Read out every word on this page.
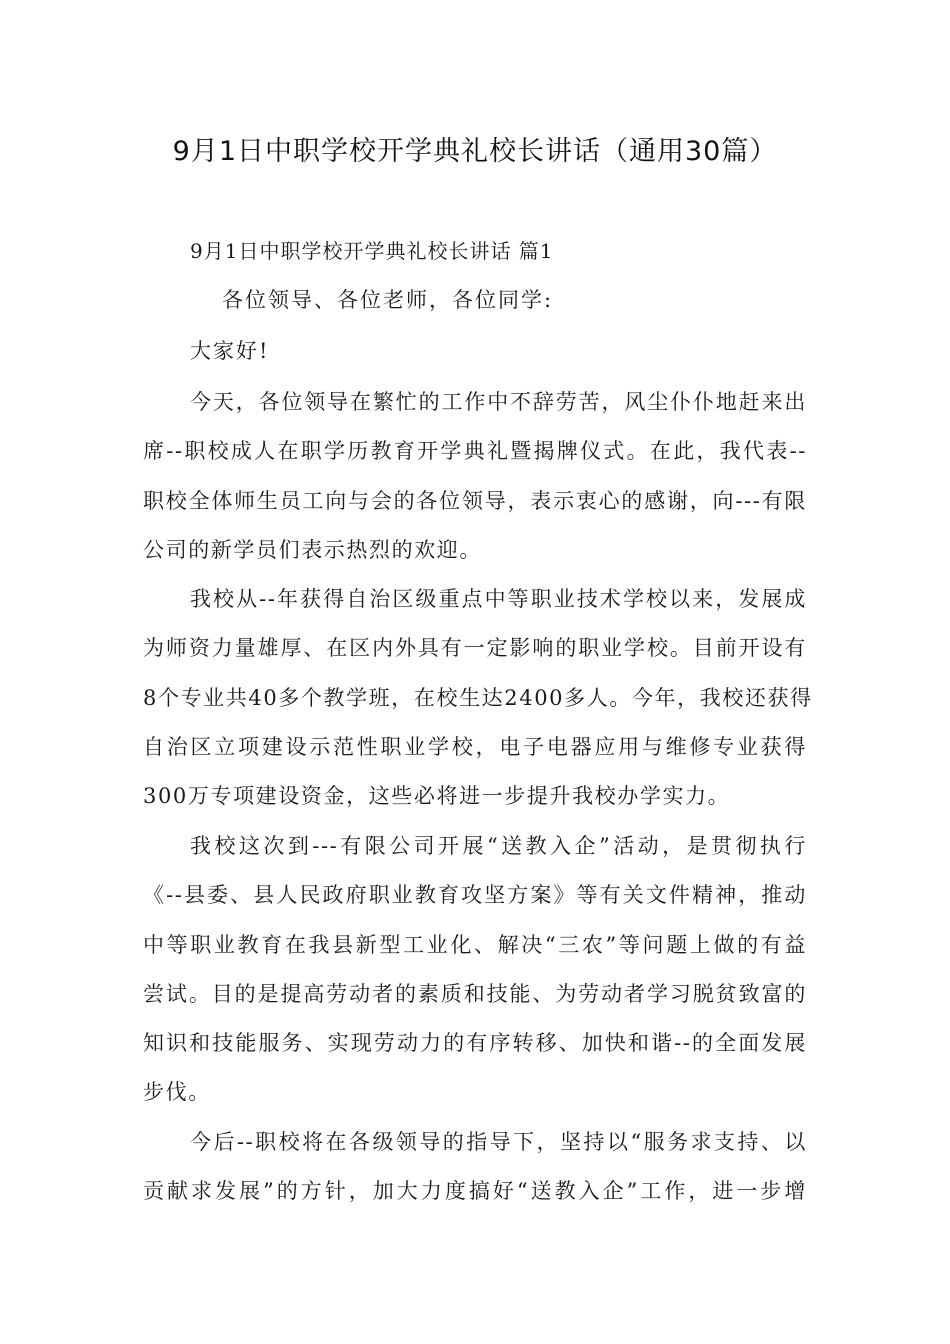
9月1日中职学校开学典礼校长讲话（通用30篇）

9月1日中职学校开学典礼校长讲话 篇1

各位领导、各位老师，各位同学:

大家好!

今天，各位领导在繁忙的工作中不辞劳苦，风尘仆仆地赶来出
席--职校成人在职学历教育开学典礼暨揭牌仪式。在此，我代表--
职校全体师生员工向与会的各位领导，表示衷心的感谢，向---有限
公司的新学员们表示热烈的欢迎。

我校从--年获得自治区级重点中等职业技术学校以来，发展成
为师资力量雄厚、在区内外具有一定影响的职业学校。目前开设有
8个专业共40多个教学班，在校生达2400多人。今年，我校还获得
自治区立项建设示范性职业学校，电子电器应用与维修专业获得
300万专项建设资金，这些必将进一步提升我校办学实力。

我校这次到---有限公司开展“送教入企”活动，是贯彻执行
《--县委、县人民政府职业教育攻坚方案》等有关文件精神，推动
中等职业教育在我县新型工业化、解决“三农”等问题上做的有益
尝试。目的是提高劳动者的素质和技能、为劳动者学习脱贫致富的
知识和技能服务、实现劳动力的有序转移、加快和谐--的全面发展
步伐。

今后--职校将在各级领导的指导下，坚持以“服务求支持、以
贡献求发展”的方针，加大力度搞好“送教入企”工作，进一步增
